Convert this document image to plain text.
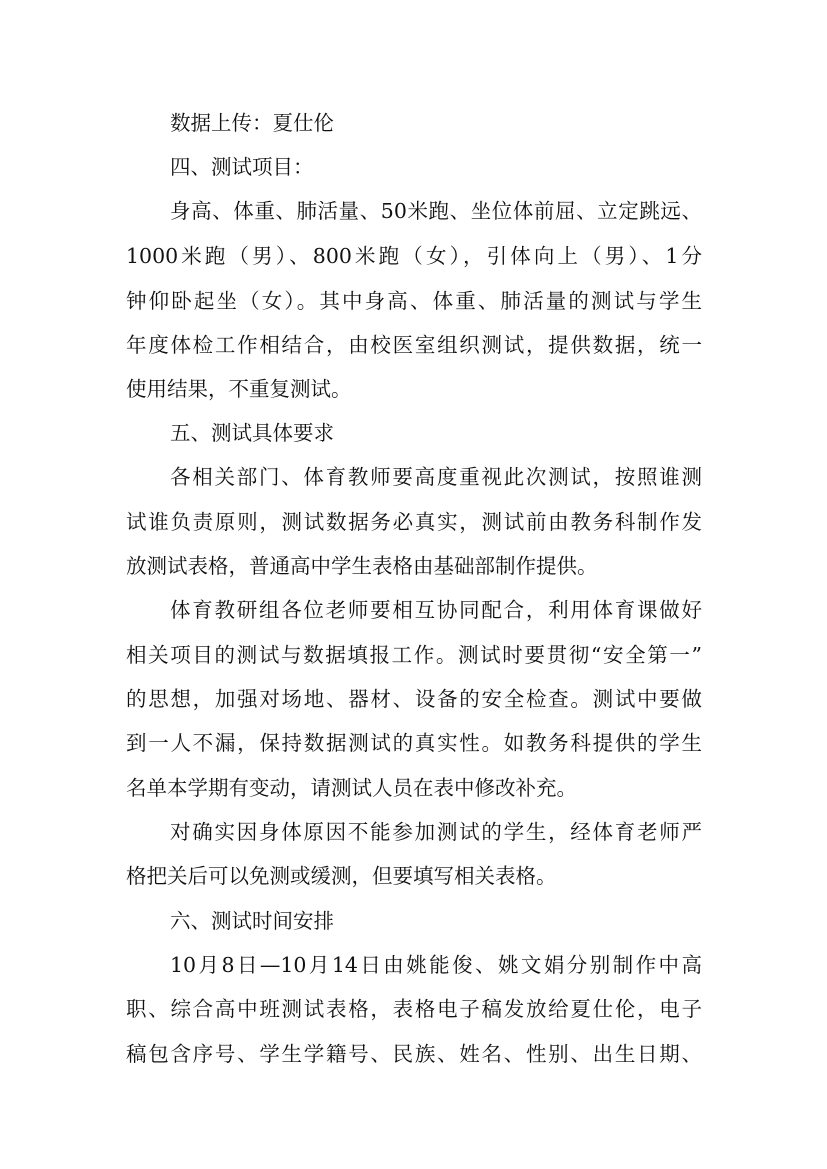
数据上传：夏仕伦

四、测试项目：

身高、体重、肺活量、50米跑、坐位体前屈、立定跳远、

1000米跑（男）、800米跑（女），引体向上（男）、1分

钟仰卧起坐（女）。其中身高、体重、肺活量的测试与学生

年度体检工作相结合，由校医室组织测试，提供数据，统一

使用结果，不重复测试。

五、测试具体要求

各相关部门、体育教师要高度重视此次测试，按照谁测

试谁负责原则，测试数据务必真实，测试前由教务科制作发

放测试表格，普通高中学生表格由基础部制作提供。

体育教研组各位老师要相互协同配合，利用体育课做好

相关项目的测试与数据填报工作。测试时要贯彻“安全第一”

的思想，加强对场地、器材、设备的安全检查。测试中要做

到一人不漏，保持数据测试的真实性。如教务科提供的学生

名单本学期有变动，请测试人员在表中修改补充。

对确实因身体原因不能参加测试的学生，经体育老师严

格把关后可以免测或缓测，但要填写相关表格。

六、测试时间安排

10月8日—10月14日由姚能俊、姚文娟分别制作中高

职、综合高中班测试表格，表格电子稿发放给夏仕伦，电子

稿包含序号、学生学籍号、民族、姓名、性别、出生日期、
